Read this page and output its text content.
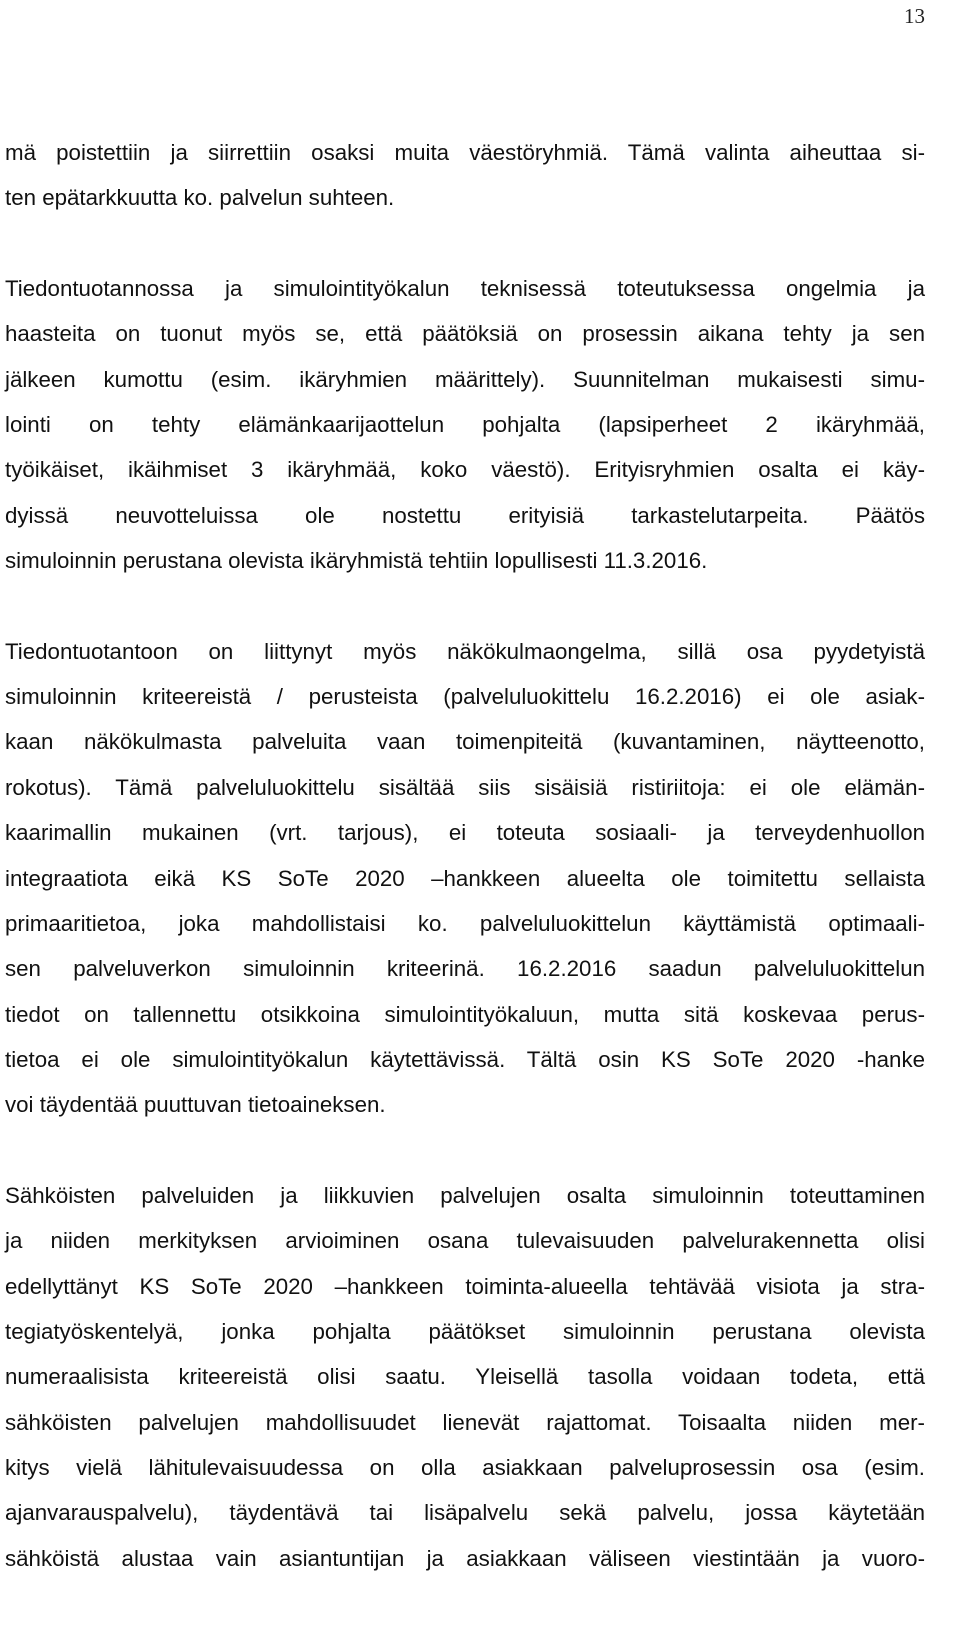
13
mä poistettiin ja siirrettiin osaksi muita väestöryhmiä. Tämä valinta aiheuttaa si-
ten epätarkkuutta ko. palvelun suhteen.
Tiedontuotannossa ja simulointityökalun teknisessä toteutuksessa ongelmia ja
haasteita on tuonut myös se, että päätöksiä on prosessin aikana tehty ja sen
jälkeen kumottu (esim. ikäryhmien määrittely). Suunnitelman mukaisesti simu-
lointi on tehty elämänkaarijaottelun pohjalta (lapsiperheet 2 ikäryhmää,
työikäiset, ikäihmiset 3 ikäryhmää, koko väestö). Erityisryhmien osalta ei käy-
dyissä neuvotteluissa ole nostettu erityisiä tarkastelutarpeita. Päätös
simuloinnin perustana olevista ikäryhmistä tehtiin lopullisesti 11.3.2016.
Tiedontuotantoon on liittynyt myös näkökulmaongelma, sillä osa pyydetyistä
simuloinnin kriteereistä / perusteista (palveluluokittelu 16.2.2016) ei ole asiak-
kaan näkökulmasta palveluita vaan toimenpiteitä (kuvantaminen, näytteenotto,
rokotus). Tämä palveluluokittelu sisältää siis sisäisiä ristiriitoja: ei ole elämän-
kaarimallin mukainen (vrt. tarjous), ei toteuta sosiaali- ja terveydenhuollon
integraatiota eikä KS SoTe 2020 –hankkeen alueelta ole toimitettu sellaista
primaaritietoa, joka mahdollistaisi ko. palveluluokittelun käyttämistä optimaali-
sen palveluverkon simuloinnin kriteerinä. 16.2.2016 saadun palveluluokittelun
tiedot on tallennettu otsikkoina simulointityökaluun, mutta sitä koskevaa perus-
tietoa ei ole simulointityökalun käytettävissä. Tältä osin KS SoTe 2020 -hanke
voi täydentää puuttuvan tietoaineksen.
Sähköisten palveluiden ja liikkuvien palvelujen osalta simuloinnin toteuttaminen
ja niiden merkityksen arvioiminen osana tulevaisuuden palvelurakennetta olisi
edellyttänyt KS SoTe 2020 –hankkeen toiminta-alueella tehtävää visiota ja stra-
tegiatyöskentelyä, jonka pohjalta päätökset simuloinnin perustana olevista
numeraalisista kriteereistä olisi saatu. Yleisellä tasolla voidaan todeta, että
sähköisten palvelujen mahdollisuudet lienevät rajattomat. Toisaalta niiden mer-
kitys vielä lähitulevaisuudessa on olla asiakkaan palveluprosessin osa (esim.
ajanvarauspalvelu), täydentävä tai lisäpalvelu sekä palvelu, jossa käytetään
sähköistä alustaa vain asiantuntijan ja asiakkaan väliseen viestintään ja vuoro-
